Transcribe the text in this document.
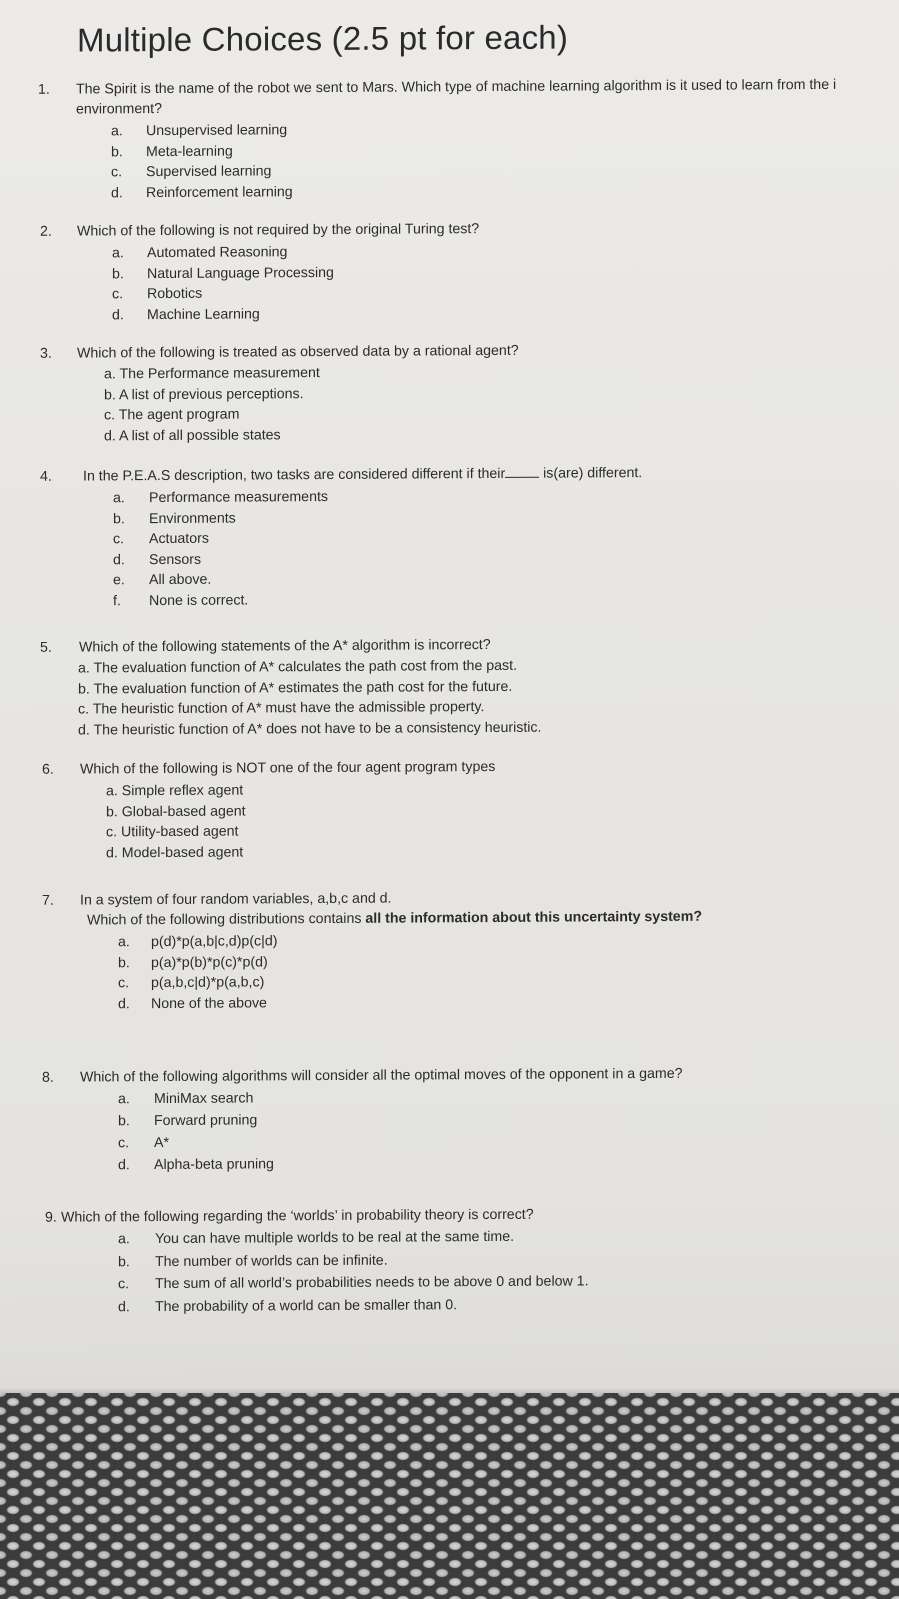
Multiple Choices (2.5 pt for each)
1. The Spirit is the name of the robot we sent to Mars. Which type of machine learning algorithm is it used to learn from the i
environment?
a. Unsupervised learning
b. Meta-learning
c. Supervised learning
d. Reinforcement learning
2. Which of the following is not required by the original Turing test?
a. Automated Reasoning
b. Natural Language Processing
c. Robotics
d. Machine Learning
3. Which of the following is treated as observed data by a rational agent?
a. The Performance measurement
b. A list of previous perceptions.
c. The agent program
d. A list of all possible states
4. In the P.E.A.S description, two tasks are considered different if their	is(are) different.
a. Performance measurements
b. Environments
c. Actuators
d. Sensors
e. All above.
f. None is correct.
5. Which of the following statements of the A* algorithm is incorrect?
a. The evaluation function of A* calculates the path cost from the past.
b. The evaluation function of A* estimates the path cost for the future.
c. The heuristic function of A* must have the admissible property.
d. The heuristic function of A* does not have to be a consistency heuristic.
6. Which of the following is NOT one of the four agent program types
a. Simple reflex agent
b. Global-based agent
c. Utility-based agent
d. Model-based agent
7. In a system of four random variables, a,b,c and d.
Which of the following distributions contains all the information about this uncertainty system?
a. p(d)*p(a,b|c,d)p(c|d)
b. p(a)*p(b)*p(c)*p(d)
c. p(a,b,c|d)*p(a,b,c)
d. None of the above
8. Which of the following algorithms will consider all the optimal moves of the opponent in a game?
a. MiniMax search
b. Forward pruning
c. A*
d. Alpha-beta pruning
9. Which of the following regarding the ‘worlds’ in probability theory is correct?
a. You can have multiple worlds to be real at the same time.
b. The number of worlds can be infinite.
c. The sum of all world’s probabilities needs to be above 0 and below 1.
d. The probability of a world can be smaller than 0.
